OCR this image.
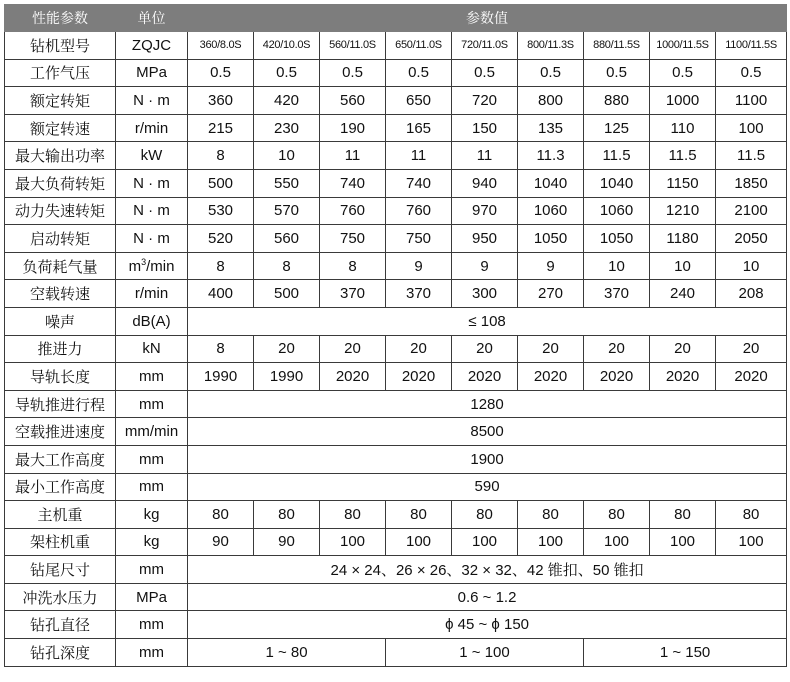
性能参数	单位	参数值								
钻机型号	ZQJC	360/8.0S	420/10.0S	560/11.0S	650/11.0S	720/11.0S	800/11.3S	880/11.5S	1000/11.5S	1100/11.5S
工作气压	MPa	0.5	0.5	0.5	0.5	0.5	0.5	0.5	0.5	0.5
额定转矩	N · m	360	420	560	650	720	800	880	1000	1100
额定转速	r/min	215	230	190	165	150	135	125	110	100
最大输出功率	kW	8	10	11	11	11	11.3	11.5	11.5	11.5
最大负荷转矩	N · m	500	550	740	740	940	1040	1040	1150	1850
动力失速转矩	N · m	530	570	760	760	970	1060	1060	1210	2100
启动转矩	N · m	520	560	750	750	950	1050	1050	1180	2050
负荷耗气量	$m^3/\min$	8	8	8	9	9	9	10	10	10
空载转速	r/min	400	500	370	370	300	270	370	240	208
噪声	dB(A)	≤ 108								
推进力	kN	8	20	20	20	20	20	20	20	20
导轨长度	mm	1990	1990	2020	2020	2020	2020	2020	2020	2020
导轨推进行程	mm	1280								
空载推进速度	mm/min	8500								
最大工作高度	mm	1900								
最小工作高度	mm	590								
主机重	kg	80	80	80	80	80	80	80	80	80
架柱机重	kg	90	90	100	100	100	100	100	100	100
钻尾尺寸	mm	24 × 24、26 × 26、32 × 32、42 锥扣、50 锥扣								
冲洗水压力	MPa	0.6 ~ 1.2								
钻孔直径	mm	ϕ 45 ~ ϕ 150								
钻孔深度	mm	1 ~ 80			1 ~ 100			1 ~ 150		
